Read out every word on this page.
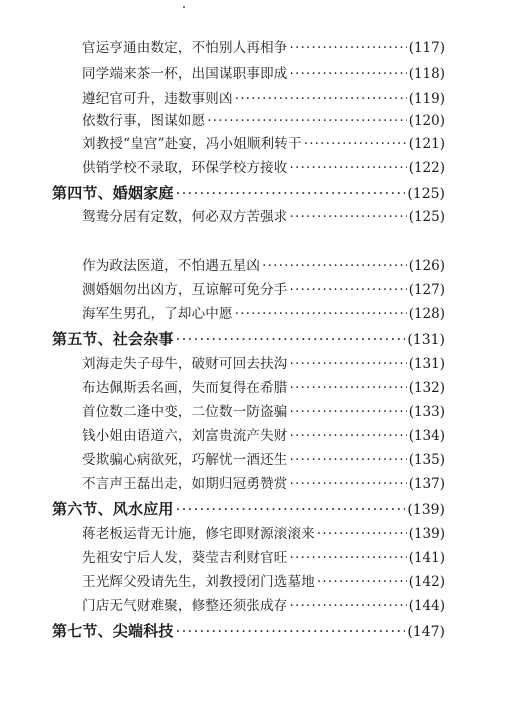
官运亨通由数定，不怕别人再相争 ·····	(117)
同学端来茶一杯，出国谋职事即成 ·····	(118)
遵纪官可升，违数事则凶 ·····	(119)
依数行事，图谋如愿 ·····	(120)
刘教授“皇宫”赴宴，冯小姐顺利转干 ·····	(121)
供销学校不录取，环保学校方接收 ·····	(122)
第四节、婚姻家庭 ·····	(125)
鸳鸯分居有定数，何必双方苦强求 ·····	(125)
作为政法医道，不怕遇五星凶 ·····	(126)
测婚姻勿出凶方，互谅解可免分手 ·····	(127)
海军生男孔，了却心中愿 ·····	(128)
第五节、社会杂事 ·····	(131)
刘海走失子母牛，破财可回去扶沟 ·····	(131)
布达佩斯丢名画，失而复得在希腊 ·····	(132)
首位数二逢中变，二位数一防盗骗 ·····	(133)
钱小姐由语道六，刘富贵流产失财 ·····	(134)
受欺骗心病欲死，巧解忧一酒还生 ·····	(135)
不言声王磊出走，如期归冠勇赞赏 ·····	(137)
第六节、风水应用 ·····	(139)
蒋老板运背无计施，修宅即财源滚滚来 ·····	(139)
先祖安宁后人发，葵莹吉利财官旺 ·····	(141)
王光辉父殁请先生，刘教授闭门选墓地 ·····	(142)
门店无气财难聚，修整还须张成存 ·····	(144)
第七节、尖端科技 ·····	(147)
